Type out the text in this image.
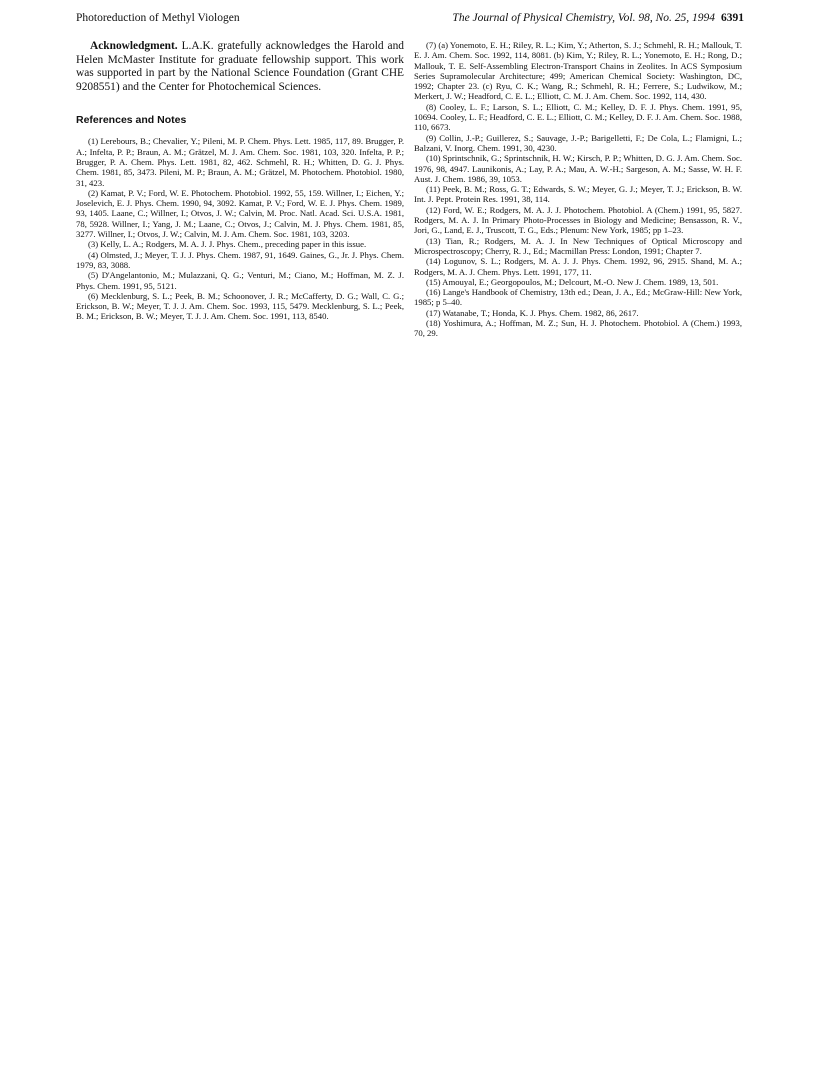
Photoreduction of Methyl Viologen	The Journal of Physical Chemistry, Vol. 98, No. 25, 1994 6391

Acknowledgment. L.A.K. gratefully acknowledges the Harold and Helen McMaster Institute for graduate fellowship support. This work was supported in part by the National Science Foundation (Grant CHE 9208551) and the Center for Photochemical Sciences.

References and Notes

(1) Lerebours, B.; Chevalier, Y.; Pileni, M. P. Chem. Phys. Lett. 1985, 117, 89. Brugger, P. A.; Infelta, P. P.; Braun, A. M.; Grätzel, M. J. Am. Chem. Soc. 1981, 103, 320. Infelta, P. P.; Brugger, P. A. Chem. Phys. Lett. 1981, 82, 462. Schmehl, R. H.; Whitten, D. G. J. Phys. Chem. 1981, 85, 3473. Pileni, M. P.; Braun, A. M.; Grätzel, M. Photochem. Photobiol. 1980, 31, 423.

(2) Kamat, P. V.; Ford, W. E. Photochem. Photobiol. 1992, 55, 159. Willner, I.; Eichen, Y.; Joselevich, E. J. Phys. Chem. 1990, 94, 3092. Kamat, P. V.; Ford, W. E. J. Phys. Chem. 1989, 93, 1405. Laane, C.; Willner, I.; Otvos, J. W.; Calvin, M. Proc. Natl. Acad. Sci. U.S.A. 1981, 78, 5928. Willner, I.; Yang, J. M.; Laane, C.; Otvos, J.; Calvin, M. J. Phys. Chem. 1981, 85, 3277. Willner, I.; Otvos, J. W.; Calvin, M. J. Am. Chem. Soc. 1981, 103, 3203.

(3) Kelly, L. A.; Rodgers, M. A. J. J. Phys. Chem., preceding paper in this issue.

(4) Olmsted, J.; Meyer, T. J. J. Phys. Chem. 1987, 91, 1649. Gaines, G., Jr. J. Phys. Chem. 1979, 83, 3088.

(5) D'Angelantonio, M.; Mulazzani, Q. G.; Venturi, M.; Ciano, M.; Hoffman, M. Z. J. Phys. Chem. 1991, 95, 5121.

(6) Mecklenburg, S. L.; Peek, B. M.; Schoonover, J. R.; McCafferty, D. G.; Wall, C. G.; Erickson, B. W.; Meyer, T. J. J. Am. Chem. Soc. 1993, 115, 5479. Mecklenburg, S. L.; Peek, B. M.; Erickson, B. W.; Meyer, T. J. J. Am. Chem. Soc. 1991, 113, 8540.

(7) (a) Yonemoto, E. H.; Riley, R. L.; Kim, Y.; Atherton, S. J.; Schmehl, R. H.; Mallouk, T. E. J. Am. Chem. Soc. 1992, 114, 8081. (b) Kim, Y.; Riley, R. L.; Yonemoto, E. H.; Rong, D.; Mallouk, T. E. Self-Assembling Electron-Transport Chains in Zeolites. In ACS Symposium Series Supramolecular Architecture; 499; American Chemical Society: Washington, DC, 1992; Chapter 23. (c) Ryu, C. K.; Wang, R.; Schmehl, R. H.; Ferrere, S.; Ludwikow, M.; Merkert, J. W.; Headford, C. E. L.; Elliott, C. M. J. Am. Chem. Soc. 1992, 114, 430.

(8) Cooley, L. F.; Larson, S. L.; Elliott, C. M.; Kelley, D. F. J. Phys. Chem. 1991, 95, 10694. Cooley, L. F.; Headford, C. E. L.; Elliott, C. M.; Kelley, D. F. J. Am. Chem. Soc. 1988, 110, 6673.

(9) Collin, J.-P.; Guillerez, S.; Sauvage, J.-P.; Barigelletti, F.; De Cola, L.; Flamigni, L.; Balzani, V. Inorg. Chem. 1991, 30, 4230.

(10) Sprintschnik, G.; Sprintschnik, H. W.; Kirsch, P. P.; Whitten, D. G. J. Am. Chem. Soc. 1976, 98, 4947. Launikonis, A.; Lay, P. A.; Mau, A. W.-H.; Sargeson, A. M.; Sasse, W. H. F. Aust. J. Chem. 1986, 39, 1053.

(11) Peek, B. M.; Ross, G. T.; Edwards, S. W.; Meyer, G. J.; Meyer, T. J.; Erickson, B. W. Int. J. Pept. Protein Res. 1991, 38, 114.

(12) Ford, W. E.; Rodgers, M. A. J. J. Photochem. Photobiol. A (Chem.) 1991, 95, 5827. Rodgers, M. A. J. In Primary Photo-Processes in Biology and Medicine; Bensasson, R. V., Jori, G., Land, E. J., Truscott, T. G., Eds.; Plenum: New York, 1985; pp 1–23.

(13) Tian, R.; Rodgers, M. A. J. In New Techniques of Optical Microscopy and Microspectroscopy; Cherry, R. J., Ed.; Macmillan Press: London, 1991; Chapter 7.

(14) Logunov, S. L.; Rodgers, M. A. J. J. Phys. Chem. 1992, 96, 2915. Shand, M. A.; Rodgers, M. A. J. Chem. Phys. Lett. 1991, 177, 11.

(15) Amouyal, E.; Georgopoulos, M.; Delcourt, M.-O. New J. Chem. 1989, 13, 501.

(16) Lange's Handbook of Chemistry, 13th ed.; Dean, J. A., Ed.; McGraw-Hill: New York, 1985; p 5–40.

(17) Watanabe, T.; Honda, K. J. Phys. Chem. 1982, 86, 2617.

(18) Yoshimura, A.; Hoffman, M. Z.; Sun, H. J. Photochem. Photobiol. A (Chem.) 1993, 70, 29.
